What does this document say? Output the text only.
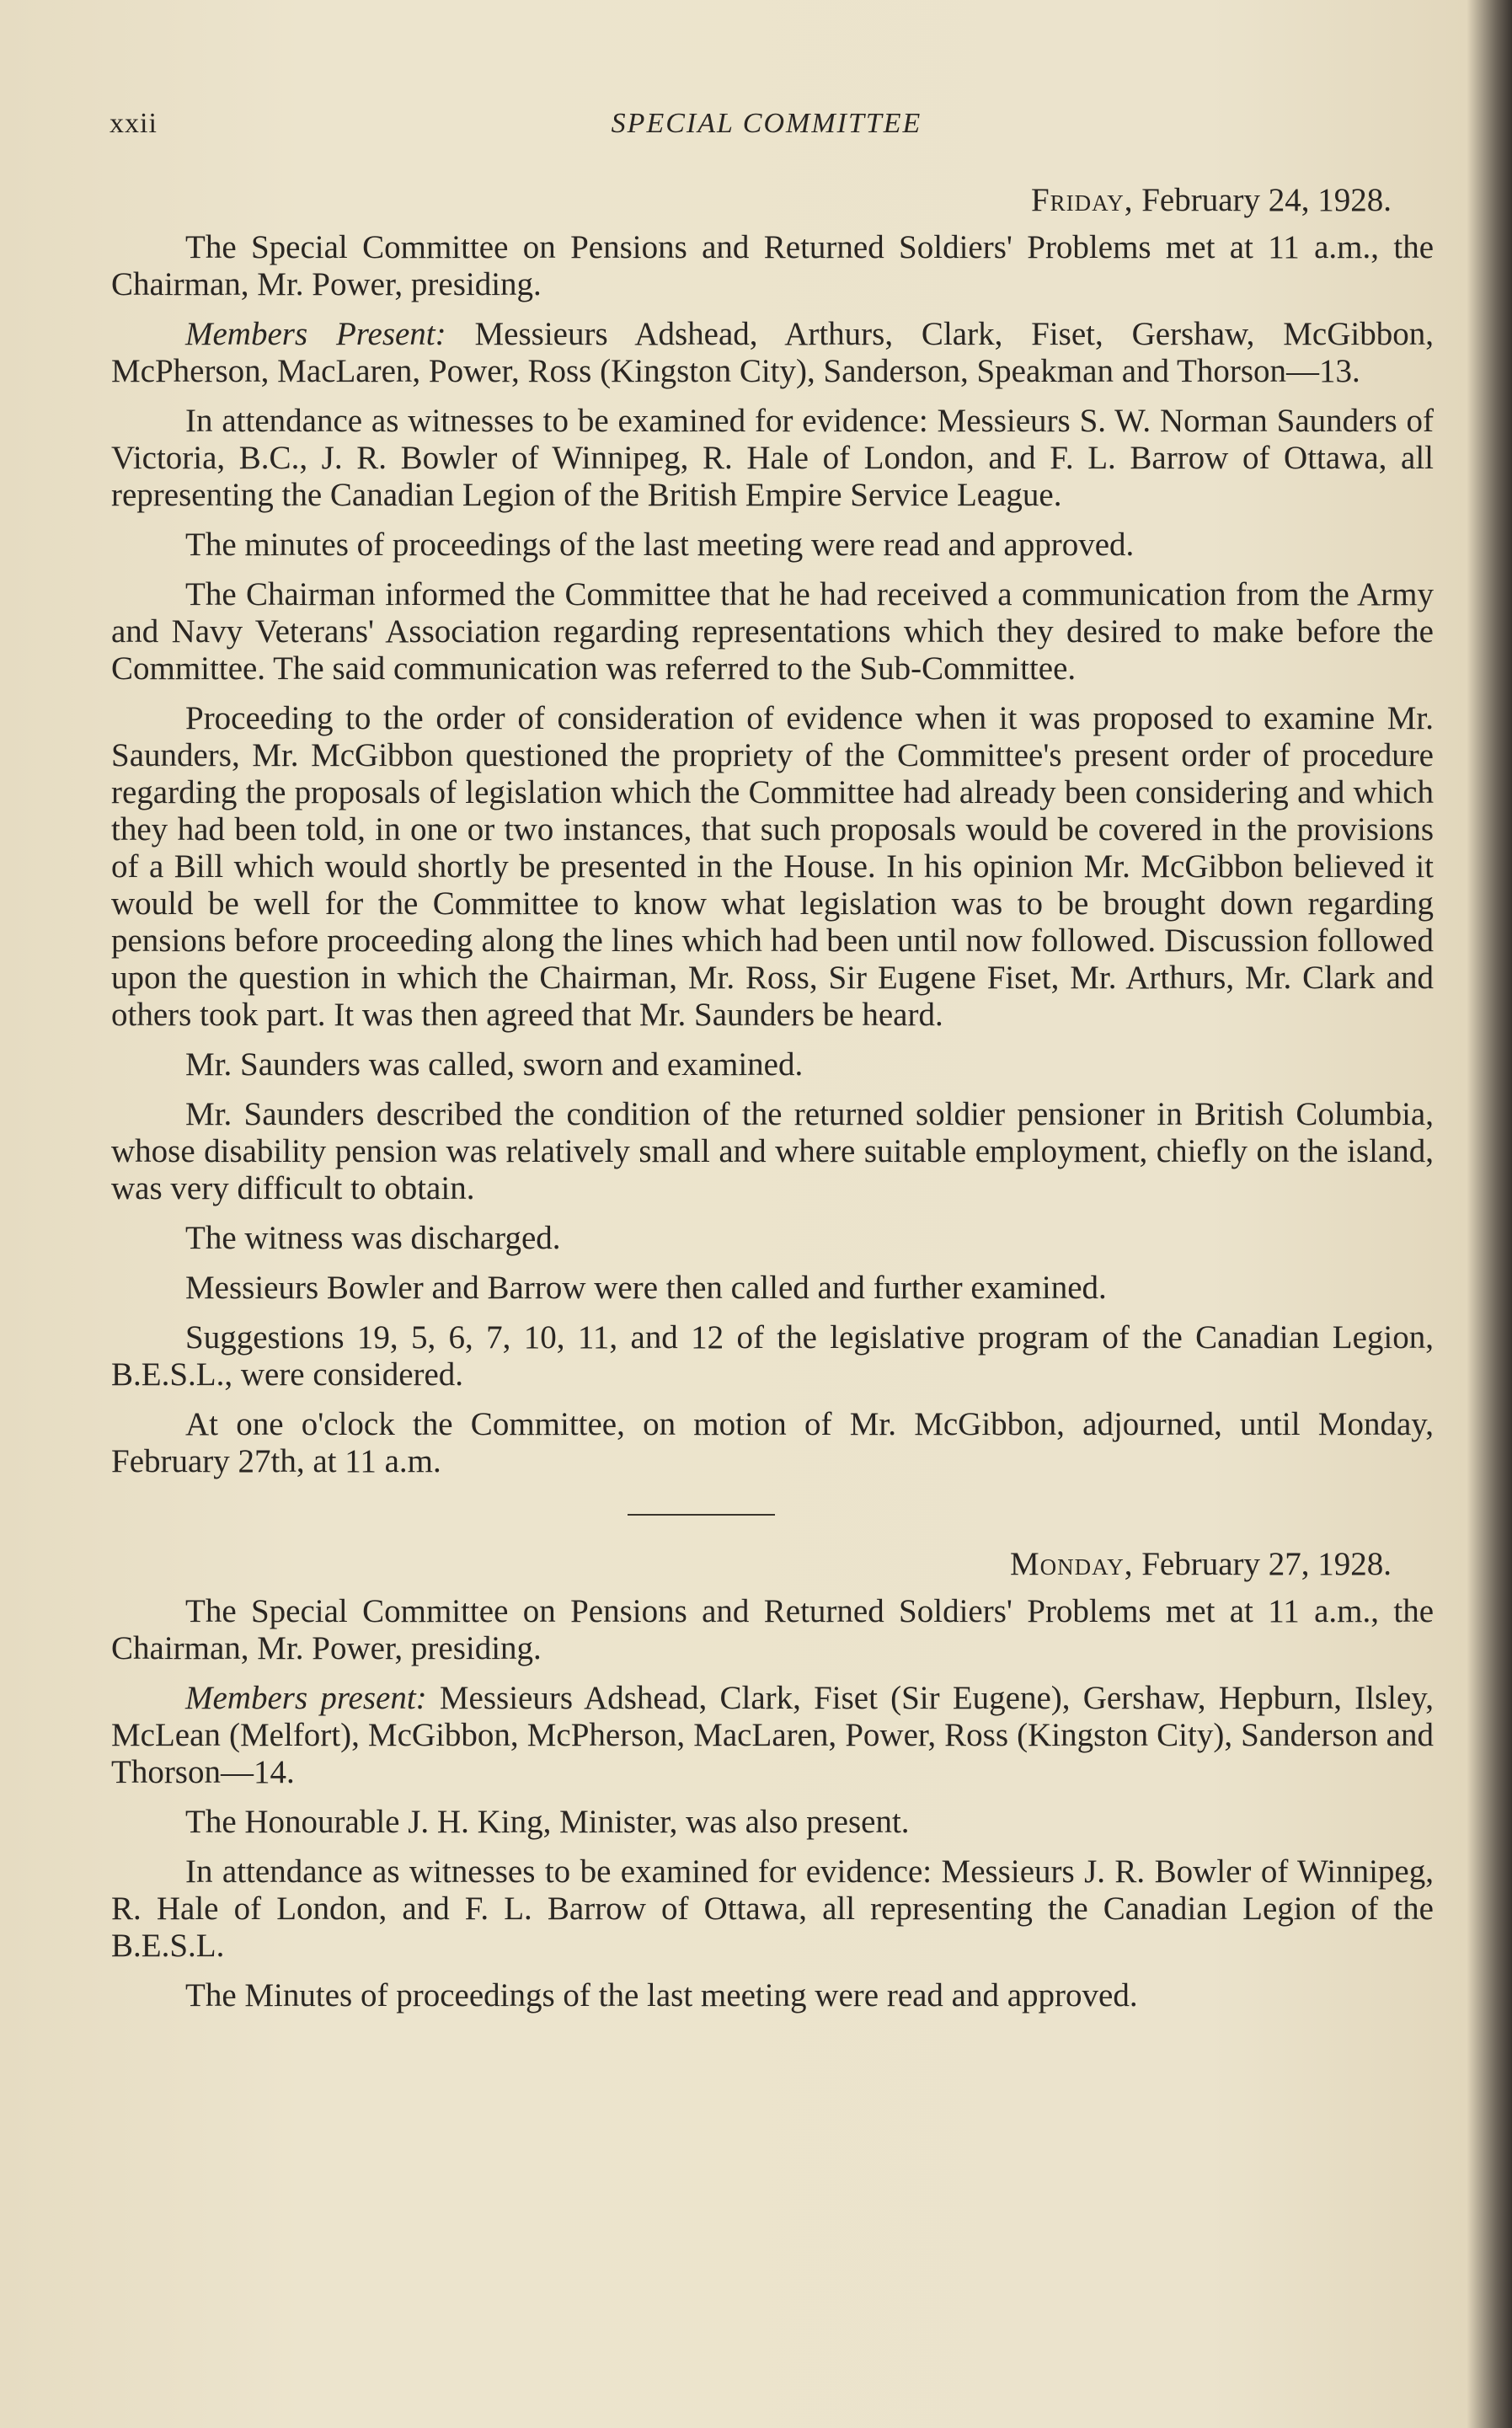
xxii	SPECIAL COMMITTEE
Friday, February 24, 1928.

The Special Committee on Pensions and Returned Soldiers' Problems met at 11 a.m., the Chairman, Mr. Power, presiding.

Members Present: Messieurs Adshead, Arthurs, Clark, Fiset, Gershaw, McGibbon, McPherson, MacLaren, Power, Ross (Kingston City), Sanderson, Speakman and Thorson—13.

In attendance as witnesses to be examined for evidence: Messieurs S. W. Norman Saunders of Victoria, B.C., J. R. Bowler of Winnipeg, R. Hale of London, and F. L. Barrow of Ottawa, all representing the Canadian Legion of the British Empire Service League.

The minutes of proceedings of the last meeting were read and approved.

The Chairman informed the Committee that he had received a communication from the Army and Navy Veterans' Association regarding representations which they desired to make before the Committee. The said communication was referred to the Sub-Committee.

Proceeding to the order of consideration of evidence when it was proposed to examine Mr. Saunders, Mr. McGibbon questioned the propriety of the Committee's present order of procedure regarding the proposals of legislation which the Committee had already been considering and which they had been told, in one or two instances, that such proposals would be covered in the provisions of a Bill which would shortly be presented in the House. In his opinion Mr. McGibbon believed it would be well for the Committee to know what legislation was to be brought down regarding pensions before proceeding along the lines which had been until now followed. Discussion followed upon the question in which the Chairman, Mr. Ross, Sir Eugene Fiset, Mr. Arthurs, Mr. Clark and others took part. It was then agreed that Mr. Saunders be heard.

Mr. Saunders was called, sworn and examined.

Mr. Saunders described the condition of the returned soldier pensioner in British Columbia, whose disability pension was relatively small and where suitable employment, chiefly on the island, was very difficult to obtain.

The witness was discharged.

Messieurs Bowler and Barrow were then called and further examined.

Suggestions 19, 5, 6, 7, 10, 11, and 12 of the legislative program of the Canadian Legion, B.E.S.L., were considered.

At one o'clock the Committee, on motion of Mr. McGibbon, adjourned, until Monday, February 27th, at 11 a.m.

Monday, February 27, 1928.

The Special Committee on Pensions and Returned Soldiers' Problems met at 11 a.m., the Chairman, Mr. Power, presiding.

Members present: Messieurs Adshead, Clark, Fiset (Sir Eugene), Gershaw, Hepburn, Ilsley, McLean (Melfort), McGibbon, McPherson, MacLaren, Power, Ross (Kingston City), Sanderson and Thorson—14.

The Honourable J. H. King, Minister, was also present.

In attendance as witnesses to be examined for evidence: Messieurs J. R. Bowler of Winnipeg, R. Hale of London, and F. L. Barrow of Ottawa, all representing the Canadian Legion of the B.E.S.L.

The Minutes of proceedings of the last meeting were read and approved.
